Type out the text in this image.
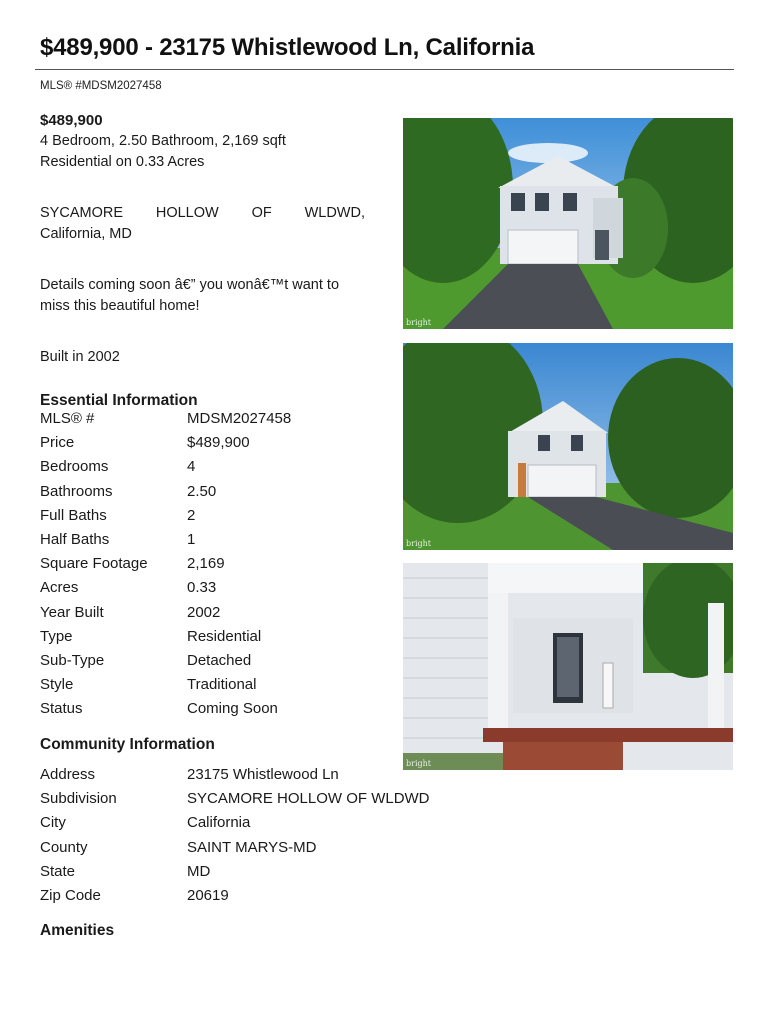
$489,900 - 23175 Whistlewood Ln, California
MLS® #MDSM2027458
$489,900
4 Bedroom, 2.50 Bathroom, 2,169 sqft
Residential on 0.33 Acres
SYCAMORE HOLLOW OF WLDWD,
California, MD
Details coming soon â€” you wonâ€™t want to miss this beautiful home!
Built in 2002
Essential Information
MLS® #	MDSM2027458
Price	$489,900
Bedrooms	4
Bathrooms	2.50
Full Baths	2
Half Baths	1
Square Footage	2,169
Acres	0.33
Year Built	2002
Type	Residential
Sub-Type	Detached
Style	Traditional
Status	Coming Soon
Community Information
Address	23175 Whistlewood Ln
Subdivision	SYCAMORE HOLLOW OF WLDWD
City	California
County	SAINT MARYS-MD
State	MD
Zip Code	20619
Amenities
bright
bright
bright
